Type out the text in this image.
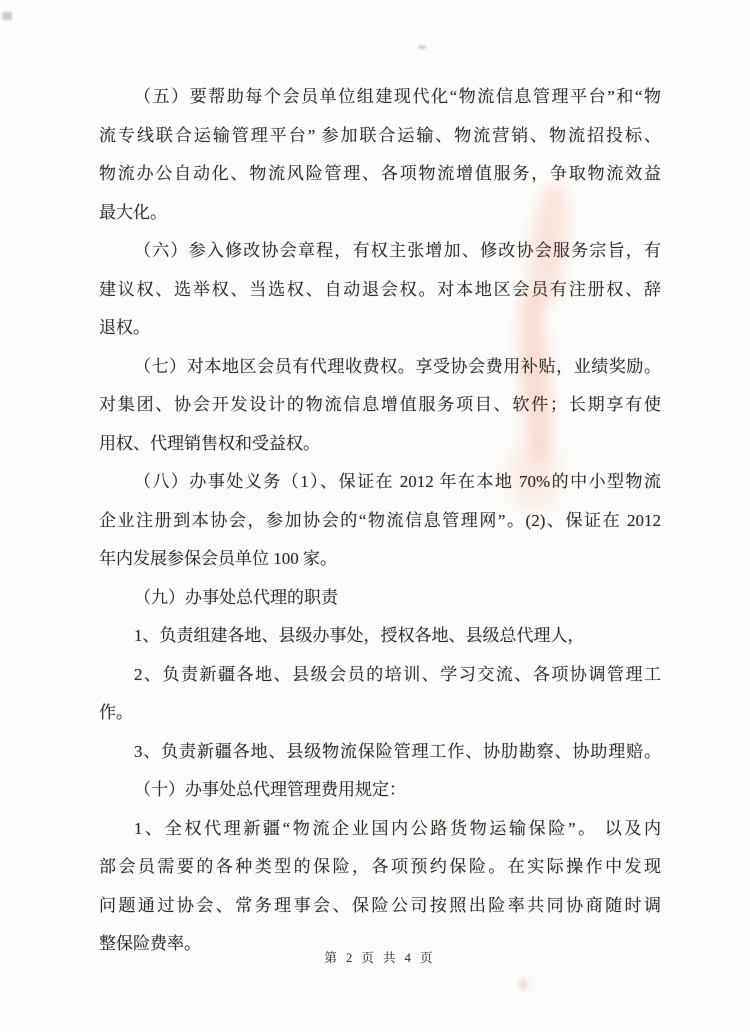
（五）要帮助每个会员单位组建现代化“物流信息管理平台”和“物
流专线联合运输管理平台” 参加联合运输、物流营销、物流招投标、
物流办公自动化、物流风险管理、各项物流增值服务，争取物流效益
最大化。
（六）参入修改协会章程，有权主张增加、修改协会服务宗旨，有
建议权、选举权、当选权、自动退会权。对本地区会员有注册权、辞
退权。
（七）对本地区会员有代理收费权。享受协会费用补贴，业绩奖励。
对集团、协会开发设计的物流信息增值服务项目、软件；长期享有使
用权、代理销售权和受益权。
（八）办事处义务（1）、保证在 2012 年在本地 70%的中小型物流
企业注册到本协会，参加协会的“物流信息管理网”。(2)、保证在 2012
年内发展参保会员单位 100 家。
（九）办事处总代理的职责
1、负责组建各地、县级办事处，授权各地、县级总代理人，
2、负责新疆各地、县级会员的培训、学习交流、各项协调管理工
作。
3、负责新疆各地、县级物流保险管理工作、协肋勘察、协助理赔。
（十）办事处总代理管理费用规定：
1、全权代理新疆“物流企业国内公路货物运输保险”。 以及内
部会员需要的各种类型的保险，各项预约保险。在实际操作中发现
问题通过协会、常务理事会、保险公司按照出险率共同协商随时调
整保险费率。
第 2 页 共 4 页
